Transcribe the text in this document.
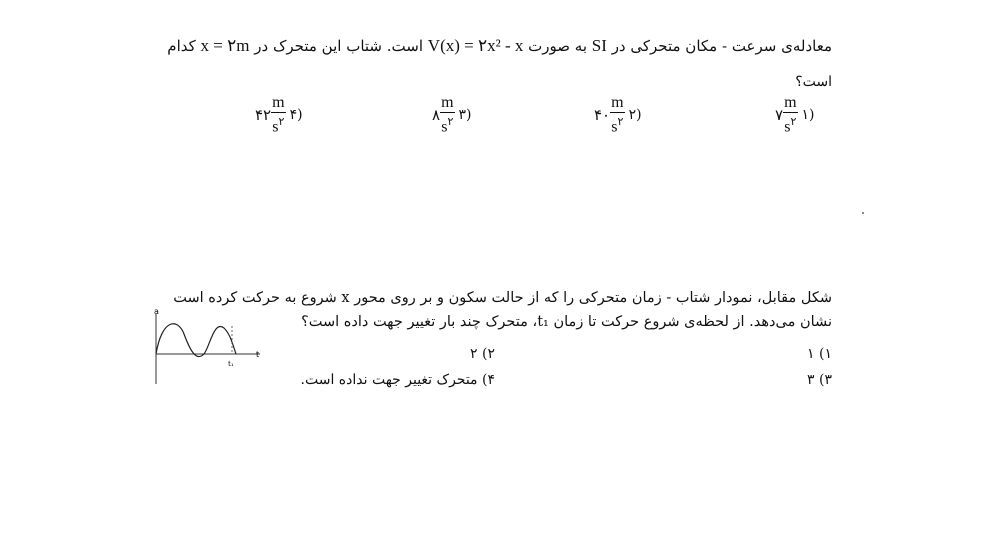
معادله‌ی سرعت - مکان متحرکی در SI به صورت V(x) = ۲x² - x است. شتاب این متحرک در x = ۲m کدام
است؟
۷ $\frac{m}{s^۲}$ ۱)
۴۰ $\frac{m}{s^۲}$ ۲)
۸ $\frac{m}{s^۲}$ ۳)
۴۲ $\frac{m}{s^۲}$ ۴)
شکل مقابل، نمودار شتاب - زمان متحرکی را که از حالت سکون و بر روی محور x شروع به حرکت کرده است
نشان می‌دهد. از لحظه‌ی شروع حرکت تا زمان t₁، متحرک چند بار تغییر جهت داده است؟
۱) ۱
۲) ۲
۳) ۳
۴) متحرک تغییر جهت نداده است.
a
t
t₁
